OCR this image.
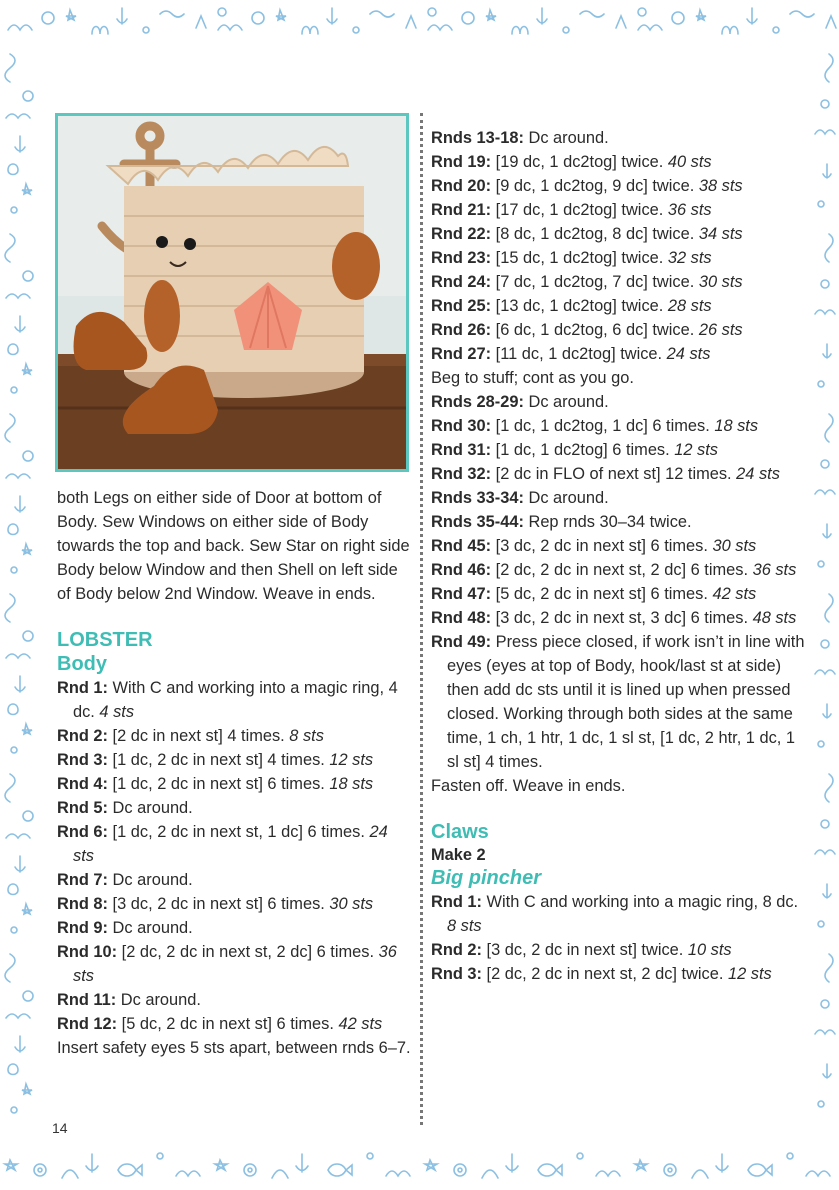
both Legs on either side of Door at bottom of Body. Sew Windows on either side of Body towards the top and back. Sew Star on right side Body below Window and then Shell on left side of Body below 2nd Window. Weave in ends.

LOBSTER

Body

Rnd 1: With C and working into a magic ring, 4 dc. 4 sts

Rnd 2: [2 dc in next st] 4 times. 8 sts

Rnd 3: [1 dc, 2 dc in next st] 4 times. 12 sts

Rnd 4: [1 dc, 2 dc in next st] 6 times. 18 sts

Rnd 5: Dc around.

Rnd 6: [1 dc, 2 dc in next st, 1 dc] 6 times. 24 sts

Rnd 7: Dc around.

Rnd 8: [3 dc, 2 dc in next st] 6 times. 30 sts

Rnd 9: Dc around.

Rnd 10: [2 dc, 2 dc in next st, 2 dc] 6 times. 36 sts

Rnd 11: Dc around.

Rnd 12: [5 dc, 2 dc in next st] 6 times. 42 sts

Insert safety eyes 5 sts apart, between rnds 6–7.

Rnds 13-18: Dc around.

Rnd 19: [19 dc, 1 dc2tog] twice. 40 sts

Rnd 20: [9 dc, 1 dc2tog, 9 dc] twice. 38 sts

Rnd 21: [17 dc, 1 dc2tog] twice. 36 sts

Rnd 22: [8 dc, 1 dc2tog, 8 dc] twice. 34 sts

Rnd 23: [15 dc, 1 dc2tog] twice. 32 sts

Rnd 24: [7 dc, 1 dc2tog, 7 dc] twice. 30 sts

Rnd 25: [13 dc, 1 dc2tog] twice. 28 sts

Rnd 26: [6 dc, 1 dc2tog, 6 dc] twice. 26 sts

Rnd 27: [11 dc, 1 dc2tog] twice. 24 sts

Beg to stuff; cont as you go.

Rnds 28-29: Dc around.

Rnd 30: [1 dc, 1 dc2tog, 1 dc] 6 times. 18 sts

Rnd 31: [1 dc, 1 dc2tog] 6 times. 12 sts

Rnd 32: [2 dc in FLO of next st] 12 times. 24 sts

Rnds 33-34: Dc around.

Rnds 35-44: Rep rnds 30–34 twice.

Rnd 45: [3 dc, 2 dc in next st] 6 times. 30 sts

Rnd 46: [2 dc, 2 dc in next st, 2 dc] 6 times. 36 sts

Rnd 47: [5 dc, 2 dc in next st] 6 times. 42 sts

Rnd 48: [3 dc, 2 dc in next st, 3 dc] 6 times. 48 sts

Rnd 49: Press piece closed, if work isn’t in line with eyes (eyes at top of Body, hook/last st at side) then add dc sts until it is lined up when pressed closed. Working through both sides at the same time, 1 ch, 1 htr, 1 dc, 1 sl st, [1 dc, 2 htr, 1 dc, 1 sl st] 4 times.

Fasten off. Weave in ends.

Claws

Make 2

Big pincher

Rnd 1: With C and working into a magic ring, 8 dc. 8 sts

Rnd 2: [3 dc, 2 dc in next st] twice. 10 sts

Rnd 3: [2 dc, 2 dc in next st, 2 dc] twice. 12 sts

14
